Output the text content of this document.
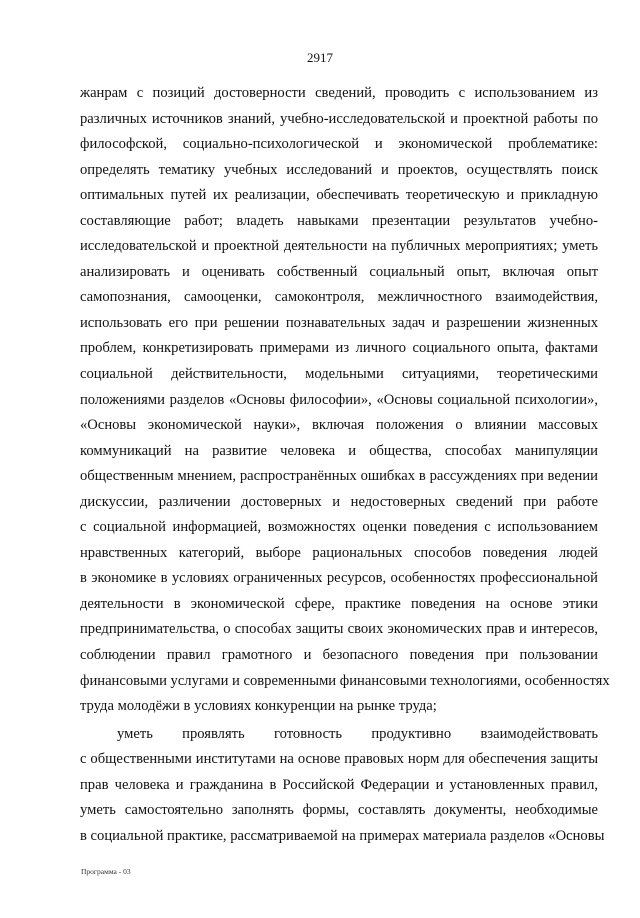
2917
жанрам с позиций достоверности сведений, проводить с использованием из
различных источников знаний, учебно-исследовательской и проектной работы по
философской, социально-психологической и экономической проблематике:
определять тематику учебных исследований и проектов, осуществлять поиск
оптимальных путей их реализации, обеспечивать теоретическую и прикладную
составляющие работ; владеть навыками презентации результатов учебно-
исследовательской и проектной деятельности на публичных мероприятиях; уметь
анализировать и оценивать собственный социальный опыт, включая опыт
самопознания, самооценки, самоконтроля, межличностного взаимодействия,
использовать его при решении познавательных задач и разрешении жизненных
проблем, конкретизировать примерами из личного социального опыта, фактами
социальной действительности, модельными ситуациями, теоретическими
положениями разделов «Основы философии», «Основы социальной психологии»,
«Основы экономической науки», включая положения о влиянии массовых
коммуникаций на развитие человека и общества, способах манипуляции
общественным мнением, распространённых ошибках в рассуждениях при ведении
дискуссии, различении достоверных и недостоверных сведений при работе
с социальной информацией, возможностях оценки поведения с использованием
нравственных категорий, выборе рациональных способов поведения людей
в экономике в условиях ограниченных ресурсов, особенностях профессиональной
деятельности в экономической сфере, практике поведения на основе этики
предпринимательства, о способах защиты своих экономических прав и интересов,
соблюдении правил грамотного и безопасного поведения при пользовании
финансовыми услугами и современными финансовыми технологиями, особенностях
труда молодёжи в условиях конкуренции на рынке труда;
уметь проявлять готовность продуктивно взаимодействовать
с общественными институтами на основе правовых норм для обеспечения защиты
прав человека и гражданина в Российской Федерации и установленных правил,
уметь самостоятельно заполнять формы, составлять документы, необходимые
в социальной практике, рассматриваемой на примерах материала разделов «Основы
Программа - 03
